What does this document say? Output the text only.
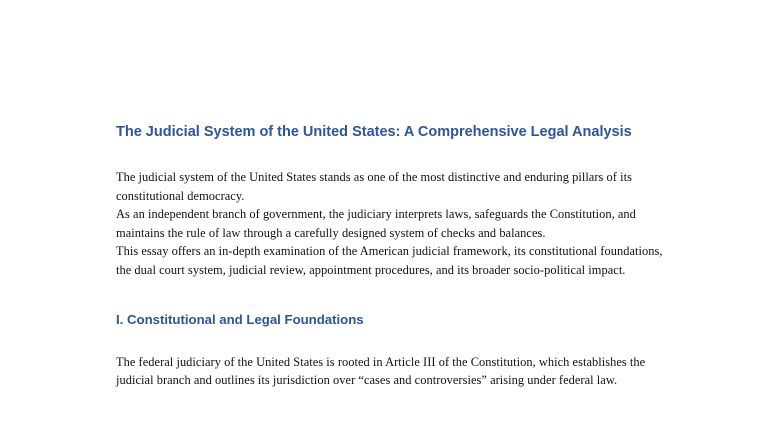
The Judicial System of the United States: A Comprehensive Legal Analysis

The judicial system of the United States stands as one of the most distinctive and enduring pillars of its constitutional democracy.

As an independent branch of government, the judiciary interprets laws, safeguards the Constitution, and maintains the rule of law through a carefully designed system of checks and balances.

This essay offers an in-depth examination of the American judicial framework, its constitutional foundations, the dual court system, judicial review, appointment procedures, and its broader socio-political impact.

I. Constitutional and Legal Foundations

The federal judiciary of the United States is rooted in Article III of the Constitution, which establishes the judicial branch and outlines its jurisdiction over “cases and controversies” arising under federal law.
